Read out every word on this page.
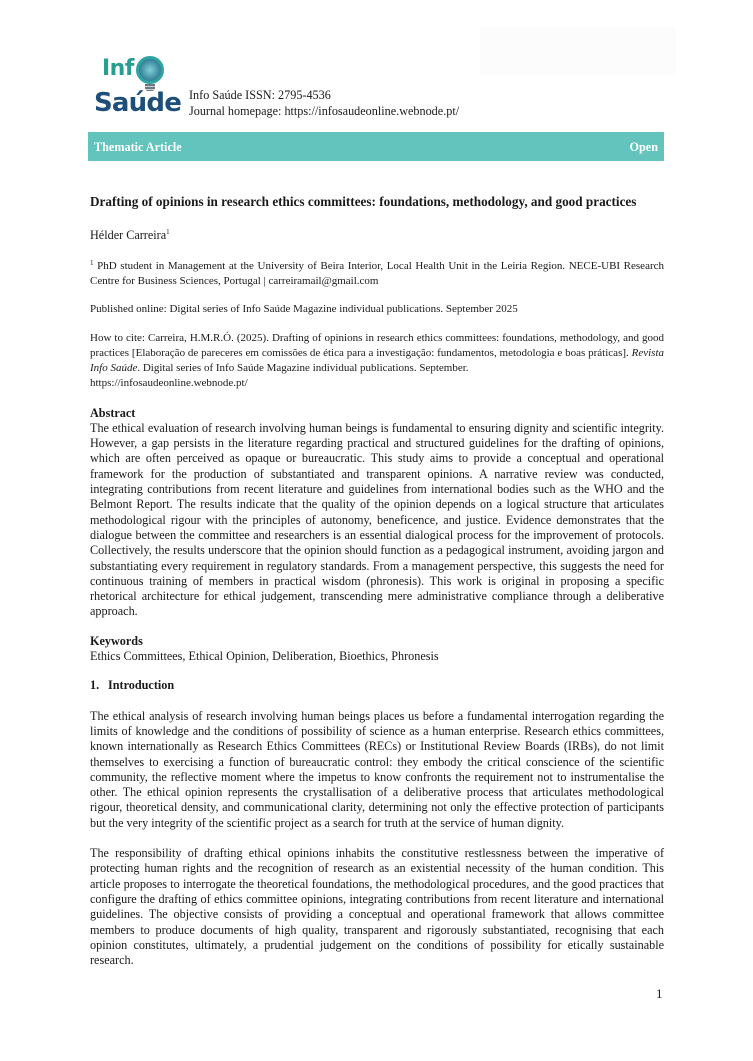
Inf
Saúde Info Saúde ISSN: 2795-4536
Journal homepage: https://infosaudeonline.webnode.pt/
Thematic Article	Open
Drafting of opinions in research ethics committees: foundations, methodology, and good practices
Hélder Carreira$^1$
$^1$ PhD student in Management at the University of Beira Interior, Local Health Unit in the Leiria Region. NECE-UBI Research Centre for Business Sciences, Portugal | carreiramail@gmail.com
Published online: Digital series of Info Saúde Magazine individual publications. September 2025
How to cite: Carreira, H.M.R.Ó. (2025). Drafting of opinions in research ethics committees: foundations, methodology, and good practices [Elaboração de pareceres em comissões de ética para a investigação: fundamentos, metodologia e boas práticas]. Revista Info Saúde. Digital series of Info Saúde Magazine individual publications. September.
https://infosaudeonline.webnode.pt/
Abstract
The ethical evaluation of research involving human beings is fundamental to ensuring dignity and scientific integrity. However, a gap persists in the literature regarding practical and structured guidelines for the drafting of opinions, which are often perceived as opaque or bureaucratic. This study aims to provide a conceptual and operational framework for the production of substantiated and transparent opinions. A narrative review was conducted, integrating contributions from recent literature and guidelines from international bodies such as the WHO and the Belmont Report. The results indicate that the quality of the opinion depends on a logical structure that articulates methodological rigour with the principles of autonomy, beneficence, and justice. Evidence demonstrates that the dialogue between the committee and researchers is an essential dialogical process for the improvement of protocols. Collectively, the results underscore that the opinion should function as a pedagogical instrument, avoiding jargon and substantiating every requirement in regulatory standards. From a management perspective, this suggests the need for continuous training of members in practical wisdom (phronesis). This work is original in proposing a specific rhetorical architecture for ethical judgement, transcending mere administrative compliance through a deliberative approach.
Keywords
Ethics Committees, Ethical Opinion, Deliberation, Bioethics, Phronesis
1. Introduction
The ethical analysis of research involving human beings places us before a fundamental interrogation regarding the limits of knowledge and the conditions of possibility of science as a human enterprise. Research ethics committees, known internationally as Research Ethics Committees (RECs) or Institutional Review Boards (IRBs), do not limit themselves to exercising a function of bureaucratic control: they embody the critical conscience of the scientific community, the reflective moment where the impetus to know confronts the requirement not to instrumentalise the other. The ethical opinion represents the crystallisation of a deliberative process that articulates methodological rigour, theoretical density, and communicational clarity, determining not only the effective protection of participants but the very integrity of the scientific project as a search for truth at the service of human dignity.
The responsibility of drafting ethical opinions inhabits the constitutive restlessness between the imperative of protecting human rights and the recognition of research as an existential necessity of the human condition. This article proposes to interrogate the theoretical foundations, the methodological procedures, and the good practices that configure the drafting of ethics committee opinions, integrating contributions from recent literature and international guidelines. The objective consists of providing a conceptual and operational framework that allows committee members to produce documents of high quality, transparent and rigorously substantiated, recognising that each opinion constitutes, ultimately, a prudential judgement on the conditions of possibility for etically sustainable research.
1
